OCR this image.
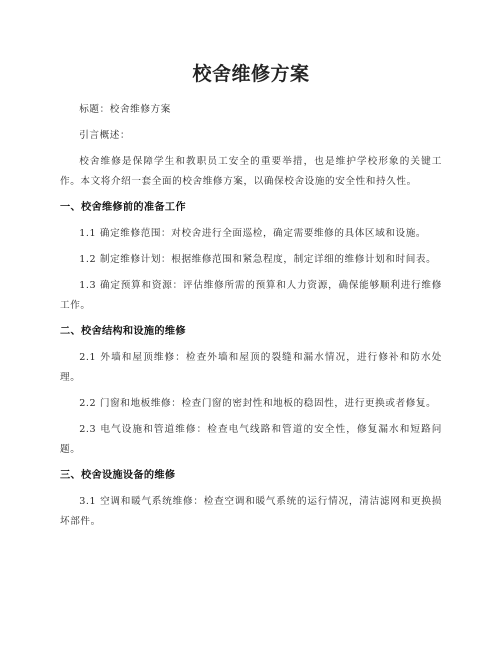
校舍维修方案

标题：校舍维修方案

引言概述：

校舍维修是保障学生和教职员工安全的重要举措，也是维护学校形象的关键工作。本文将介绍一套全面的校舍维修方案，以确保校舍设施的安全性和持久性。

一、校舍维修前的准备工作

1.1 确定维修范围：对校舍进行全面巡检，确定需要维修的具体区域和设施。

1.2 制定维修计划：根据维修范围和紧急程度，制定详细的维修计划和时间表。

1.3 确定预算和资源：评估维修所需的预算和人力资源，确保能够顺利进行维修工作。

二、校舍结构和设施的维修

2.1 外墙和屋顶维修：检查外墙和屋顶的裂缝和漏水情况，进行修补和防水处理。

2.2 门窗和地板维修：检查门窗的密封性和地板的稳固性，进行更换或者修复。

2.3 电气设施和管道维修：检查电气线路和管道的安全性，修复漏水和短路问题。

三、校舍设施设备的维修

3.1 空调和暖气系统维修：检查空调和暖气系统的运行情况，清洁滤网和更换损坏部件。
